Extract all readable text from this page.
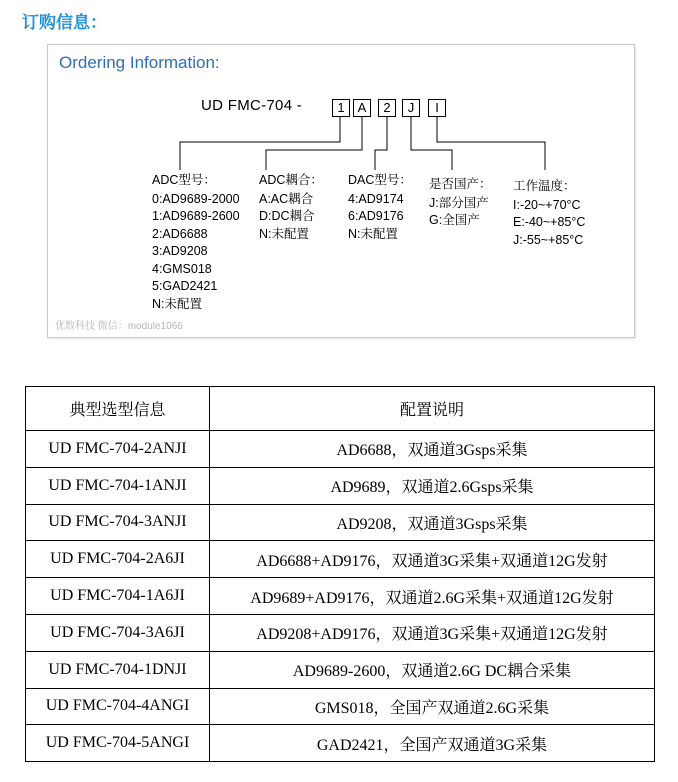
订购信息：
Ordering Information:
UD FMC-704 -	1	A	2	J	I
ADC型号：
0:AD9689-2000
1:AD9689-2600
2:AD6688
3:AD9208
4:GMS018
5:GAD2421
N:未配置
ADC耦合：
A:AC耦合
D:DC耦合
N:未配置
DAC型号：
4:AD9174
6:AD9176
N:未配置
是否国产：
J:部分国产
G:全国产
工作温度：
I:-20~+70°C
E:-40~+85°C
J:-55~+85°C
优数科技 微信：module1066
典型选型信息	配置说明
UD FMC-704-2ANJI	AD6688，双通道3Gsps采集
UD FMC-704-1ANJI	AD9689，双通道2.6Gsps采集
UD FMC-704-3ANJI	AD9208，双通道3Gsps采集
UD FMC-704-2A6JI	AD6688+AD9176，双通道3G采集+双通道12G发射
UD FMC-704-1A6JI	AD9689+AD9176，双通道2.6G采集+双通道12G发射
UD FMC-704-3A6JI	AD9208+AD9176，双通道3G采集+双通道12G发射
UD FMC-704-1DNJI	AD9689-2600，双通道2.6G DC耦合采集
UD FMC-704-4ANGI	GMS018，全国产双通道2.6G采集
UD FMC-704-5ANGI	GAD2421，全国产双通道3G采集
